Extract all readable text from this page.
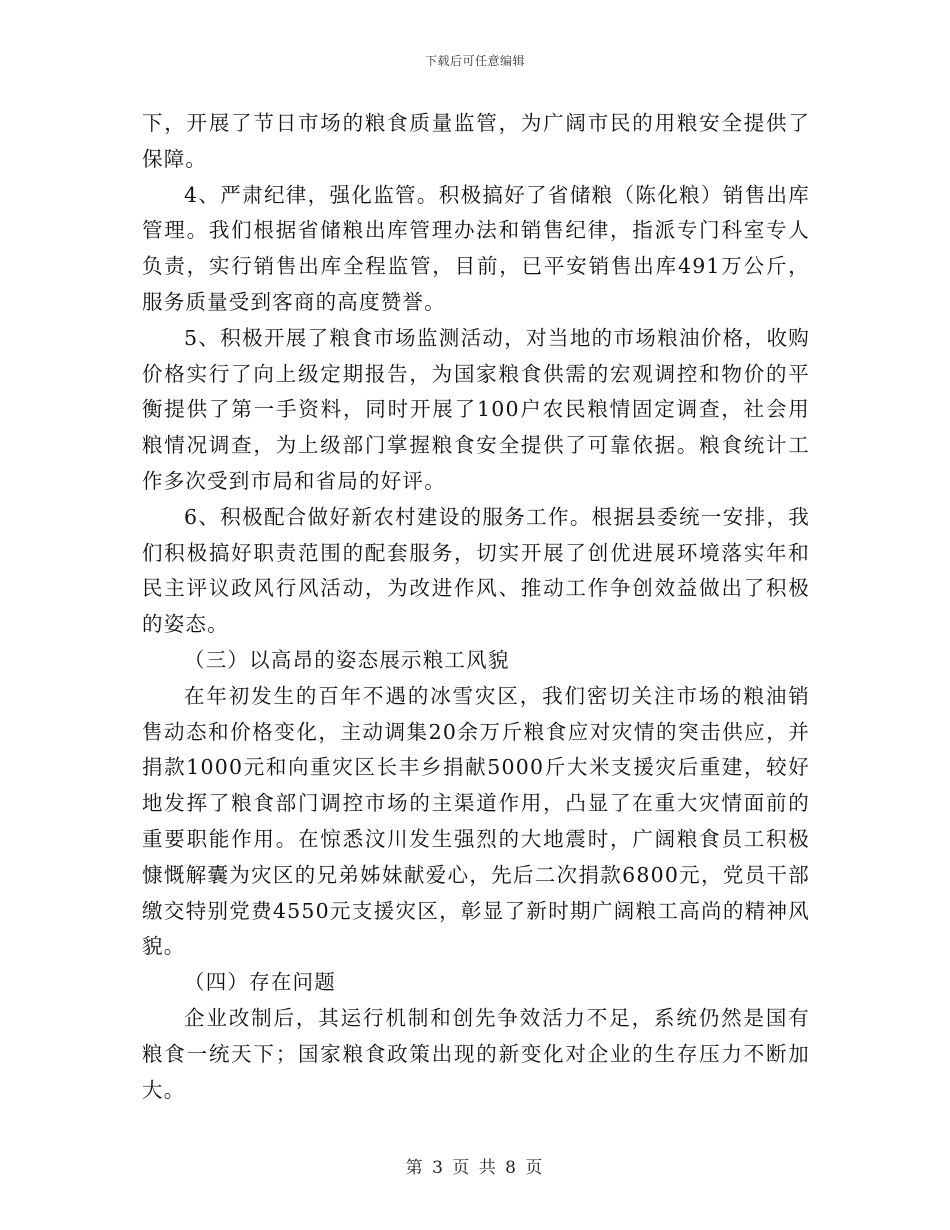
下载后可任意编辑

下，开展了节日市场的粮食质量监管，为广阔市民的用粮安全提供了保障。

4、严肃纪律，强化监管。积极搞好了省储粮（陈化粮）销售出库管理。我们根据省储粮出库管理办法和销售纪律，指派专门科室专人负责，实行销售出库全程监管，目前，已平安销售出库491万公斤，服务质量受到客商的高度赞誉。

5、积极开展了粮食市场监测活动，对当地的市场粮油价格，收购价格实行了向上级定期报告，为国家粮食供需的宏观调控和物价的平衡提供了第一手资料，同时开展了100户农民粮情固定调查，社会用粮情况调查，为上级部门掌握粮食安全提供了可靠依据。粮食统计工作多次受到市局和省局的好评。

6、积极配合做好新农村建设的服务工作。根据县委统一安排，我们积极搞好职责范围的配套服务，切实开展了创优进展环境落实年和民主评议政风行风活动，为改进作风、推动工作争创效益做出了积极的姿态。

（三）以高昂的姿态展示粮工风貌

在年初发生的百年不遇的冰雪灾区，我们密切关注市场的粮油销售动态和价格变化，主动调集20余万斤粮食应对灾情的突击供应，并捐款1000元和向重灾区长丰乡捐献5000斤大米支援灾后重建，较好地发挥了粮食部门调控市场的主渠道作用，凸显了在重大灾情面前的重要职能作用。在惊悉汶川发生强烈的大地震时，广阔粮食员工积极慷慨解囊为灾区的兄弟姊妹献爱心，先后二次捐款6800元，党员干部缴交特别党费4550元支援灾区，彰显了新时期广阔粮工高尚的精神风貌。

（四）存在问题

企业改制后，其运行机制和创先争效活力不足，系统仍然是国有粮食一统天下；国家粮食政策出现的新变化对企业的生存压力不断加大。

第 3 页 共 8 页
